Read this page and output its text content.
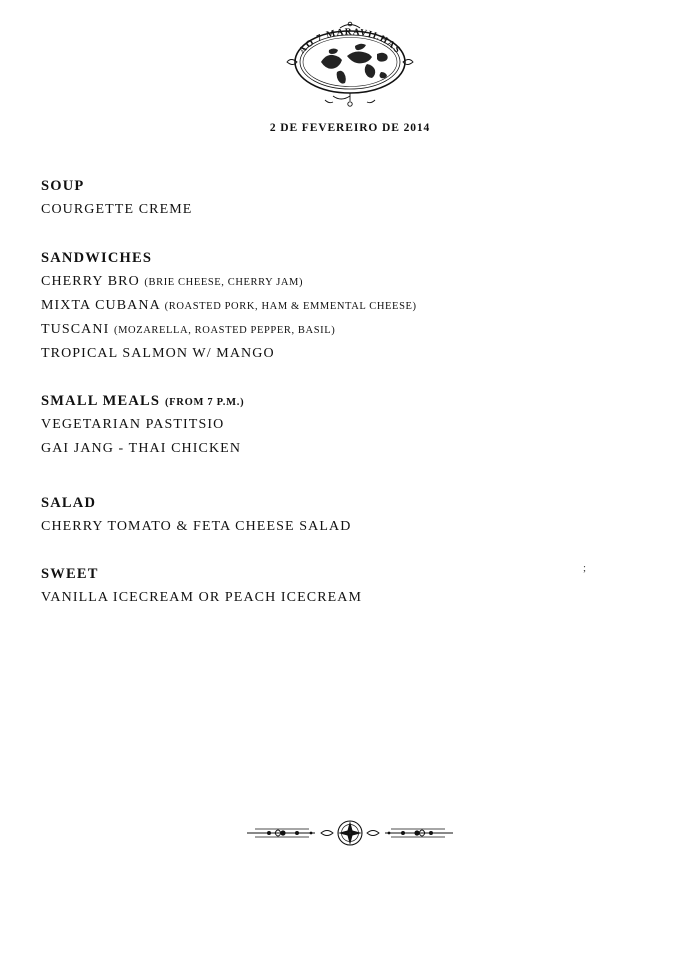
AO 7 MARAVILHAS
2 DE FEVEREIRO DE 2014
SOUP
COURGETTE CREME
SANDWICHES
CHERRY BRO (BRIE CHEESE, CHERRY JAM)
MIXTA CUBANA (ROASTED PORK, HAM & EMMENTAL CHEESE)
TUSCANI (MOZARELLA, ROASTED PEPPER, BASIL)
TROPICAL SALMON W/ MANGO
SMALL MEALS (FROM 7 P.M.)
VEGETARIAN PASTITSIO
GAI JANG - THAI CHICKEN
SALAD
CHERRY TOMATO & FETA CHEESE SALAD
SWEET
VANILLA ICECREAM OR PEACH ICECREAM
;
